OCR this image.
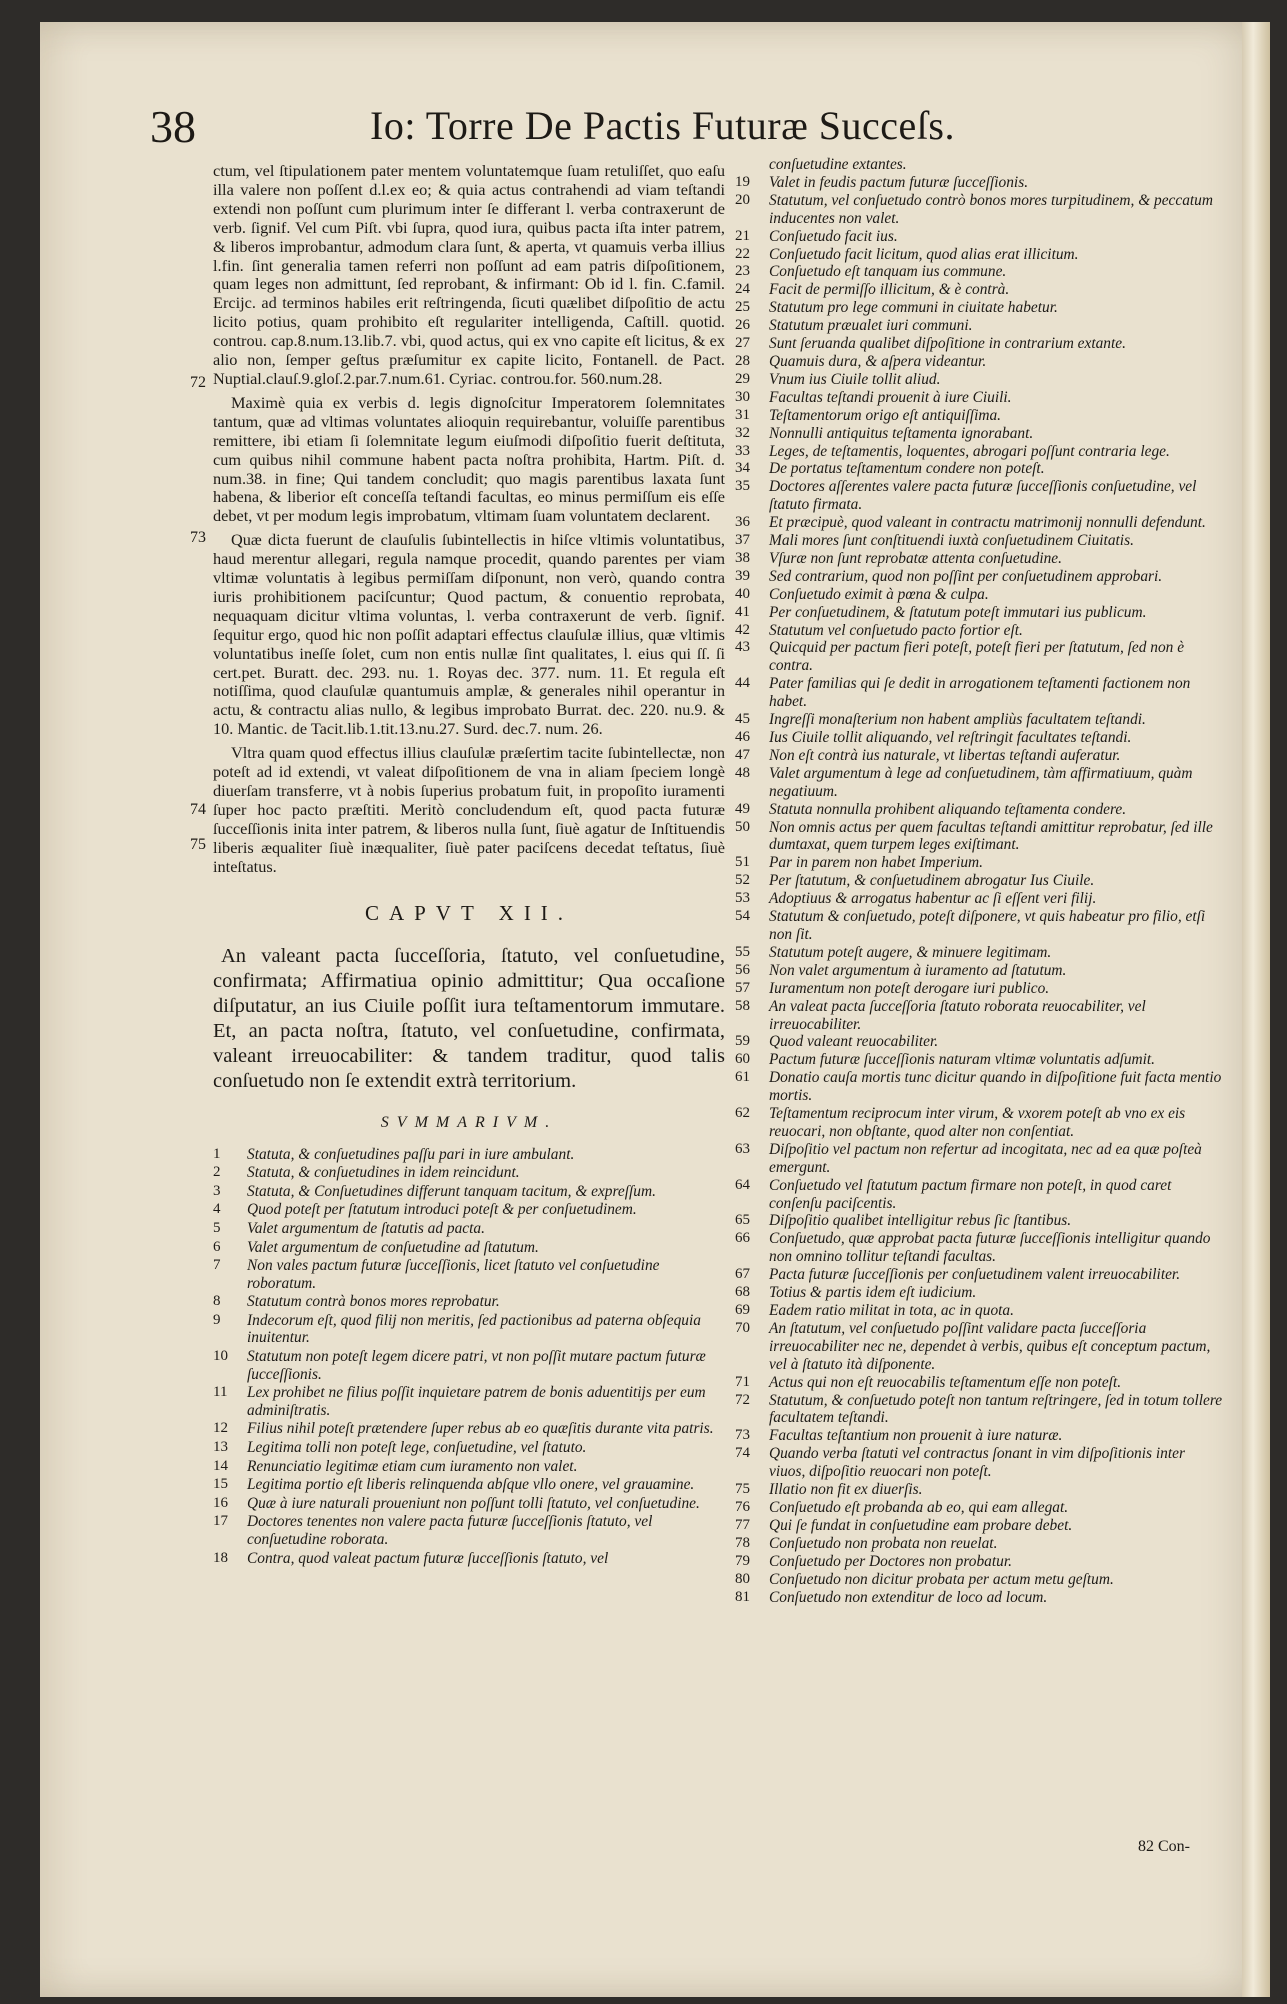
38	Io: Torre De Pactis Futuræ Succeſs.
72
73
74
75

ctum, vel ſtipulationem pater mentem voluntatemque ſuam retuliſſet, quo eaſu illa valere non poſſent d.l.ex eo; & quia actus contrahendi ad viam teſtandi extendi non poſſunt cum plurimum inter ſe differant l. verba contraxerunt de verb. ſignif. Vel cum Piſt. vbi ſupra, quod iura, quibus pacta iſta inter patrem, & liberos improbantur, admodum clara ſunt, & aperta, vt quamuis verba illius l.fin. ſint generalia tamen referri non poſſunt ad eam patris diſpoſitionem, quam leges non admittunt, ſed reprobant, & infirmant: Ob id l. fin. C.famil. Ercijc. ad terminos habiles erit reſtringenda, ſicuti quælibet diſpoſitio de actu licito potius, quam prohibito eſt regulariter intelligenda, Caſtill. quotid. controu. cap.8.num.13.lib.7. vbi, quod actus, qui ex vno capite eſt licitus, & ex alio non, ſemper geſtus præſumitur ex capite licito, Fontanell. de Pact. Nuptial.clauſ.9.gloſ.2.par.7.num.61. Cyriac. controu.for. 560.num.28.

Maximè quia ex verbis d. legis dignoſcitur Imperatorem ſolemnitates tantum, quæ ad vltimas voluntates alioquin requirebantur, voluiſſe parentibus remittere, ibi etiam ſi ſolemnitate legum eiuſmodi diſpoſitio fuerit deſtituta, cum quibus nihil commune habent pacta noſtra prohibita, Hartm. Piſt. d. num.38. in fine; Qui tandem concludit; quo magis parentibus laxata ſunt habena, & liberior eſt conceſſa teſtandi facultas, eo minus permiſſum eis eſſe debet, vt per modum legis improbatum, vltimam ſuam voluntatem declarent.

Quæ dicta fuerunt de clauſulis ſubintellectis in hiſce vltimis voluntatibus, haud merentur allegari, regula namque procedit, quando parentes per viam vltimæ voluntatis à legibus permiſſam diſponunt, non verò, quando contra iuris prohibitionem paciſcuntur; Quod pactum, & conuentio reprobata, nequaquam dicitur vltima voluntas, l. verba contraxerunt de verb. ſignif. ſequitur ergo, quod hic non poſſit adaptari effectus clauſulæ illius, quæ vltimis voluntatibus ineſſe ſolet, cum non entis nullæ ſint qualitates, l. eius qui ſſ. ſi cert.pet. Buratt. dec. 293. nu. 1. Royas dec. 377. num. 11. Et regula eſt notiſſima, quod clauſulæ quantumuis amplæ, & generales nihil operantur in actu, & contractu alias nullo, & legibus improbato Burrat. dec. 220. nu.9. & 10. Mantic. de Tacit.lib.1.tit.13.nu.27. Surd. dec.7. num. 26.

Vltra quam quod effectus illius clauſulæ præſertim tacite ſubintellectæ, non poteſt ad id extendi, vt valeat diſpoſitionem de vna in aliam ſpeciem longè diuerſam transferre, vt à nobis ſuperius probatum fuit, in propoſito iuramenti ſuper hoc pacto præſtiti. Meritò concludendum eſt, quod pacta futuræ ſucceſſionis inita inter patrem, & liberos nulla ſunt, ſiuè agatur de Inſtituendis liberis æqualiter ſiuè inæqualiter, ſiuè pater paciſcens decedat teſtatus, ſiuè inteſtatus.

CAPVT XII.

An valeant pacta ſucceſſoria, ſtatuto, vel conſuetudine, confirmata; Affirmatiua opinio admittitur; Qua occaſione diſputatur, an ius Ciuile poſſit iura teſtamentorum immutare. Et, an pacta noſtra, ſtatuto, vel conſuetudine, confirmata, valeant irreuocabiliter: & tandem traditur, quod talis conſuetudo non ſe extendit extrà territorium.

SVMMARIVM.
1	Statuta, & conſuetudines paſſu pari in iure ambulant.
2	Statuta, & conſuetudines in idem reincidunt.
3	Statuta, & Conſuetudines differunt tanquam tacitum, & expreſſum.
4	Quod poteſt per ſtatutum introduci poteſt & per conſuetudinem.
5	Valet argumentum de ſtatutis ad pacta.
6	Valet argumentum de conſuetudine ad ſtatutum.
7	Non vales pactum futuræ ſucceſſionis, licet ſtatuto vel conſuetudine roboratum.
8	Statutum contrà bonos mores reprobatur.
9	Indecorum eſt, quod filij non meritis, ſed pactionibus ad paterna obſequia inuitentur.
10	Statutum non poteſt legem dicere patri, vt non poſſit mutare pactum futuræ ſucceſſionis.
11	Lex prohibet ne filius poſſit inquietare patrem de bonis aduentitijs per eum adminiſtratis.
12	Filius nihil poteſt prætendere ſuper rebus ab eo quæſitis durante vita patris.
13	Legitima tolli non poteſt lege, conſuetudine, vel ſtatuto.
14	Renunciatio legitimæ etiam cum iuramento non valet.
15	Legitima portio eſt liberis relinquenda abſque vllo onere, vel grauamine.
16	Quæ à iure naturali proueniunt non poſſunt tolli ſtatuto, vel conſuetudine.
17	Doctores tenentes non valere pacta futuræ ſucceſſionis ſtatuto, vel conſuetudine roborata.
18	Contra, quod valeat pactum futuræ ſucceſſionis ſtatuto, vel
conſuetudine extantes.
19	Valet in feudis pactum futuræ ſucceſſionis.
20	Statutum, vel conſuetudo contrò bonos mores turpitudinem, & peccatum inducentes non valet.
21	Conſuetudo facit ius.
22	Conſuetudo facit licitum, quod alias erat illicitum.
23	Conſuetudo eſt tanquam ius commune.
24	Facit de permiſſo illicitum, & è contrà.
25	Statutum pro lege communi in ciuitate habetur.
26	Statutum præualet iuri communi.
27	Sunt ſeruanda qualibet diſpoſitione in contrarium extante.
28	Quamuis dura, & aſpera videantur.
29	Vnum ius Ciuile tollit aliud.
30	Facultas teſtandi prouenit à iure Ciuili.
31	Teſtamentorum origo eſt antiquiſſima.
32	Nonnulli antiquitus teſtamenta ignorabant.
33	Leges, de teſtamentis, loquentes, abrogari poſſunt contraria lege.
34	De portatus teſtamentum condere non poteſt.
35	Doctores aſſerentes valere pacta futuræ ſucceſſionis conſuetudine, vel ſtatuto firmata.
36	Et præcipuè, quod valeant in contractu matrimonij nonnulli defendunt.
37	Mali mores ſunt conſtituendi iuxtà conſuetudinem Ciuitatis.
38	Vſuræ non ſunt reprobatæ attenta conſuetudine.
39	Sed contrarium, quod non poſſint per conſuetudinem approbari.
40	Conſuetudo eximit à pœna & culpa.
41	Per conſuetudinem, & ſtatutum poteſt immutari ius publicum.
42	Statutum vel conſuetudo pacto fortior eſt.
43	Quicquid per pactum fieri poteſt, poteſt fieri per ſtatutum, ſed non è contra.
44	Pater familias qui ſe dedit in arrogationem teſtamenti factionem non habet.
45	Ingreſſi monaſterium non habent ampliùs facultatem teſtandi.
46	Ius Ciuile tollit aliquando, vel reſtringit facultates teſtandi.
47	Non eſt contrà ius naturale, vt libertas teſtandi auferatur.
48	Valet argumentum à lege ad conſuetudinem, tàm affirmatiuum, quàm negatiuum.
49	Statuta nonnulla prohibent aliquando teſtamenta condere.
50	Non omnis actus per quem facultas teſtandi amittitur reprobatur, ſed ille dumtaxat, quem turpem leges exiſtimant.
51	Par in parem non habet Imperium.
52	Per ſtatutum, & conſuetudinem abrogatur Ius Ciuile.
53	Adoptiuus & arrogatus habentur ac ſi eſſent veri filij.
54	Statutum & conſuetudo, poteſt diſponere, vt quis habeatur pro filio, etſi non ſit.
55	Statutum poteſt augere, & minuere legitimam.
56	Non valet argumentum à iuramento ad ſtatutum.
57	Iuramentum non poteſt derogare iuri publico.
58	An valeat pacta ſucceſſoria ſtatuto roborata reuocabiliter, vel irreuocabiliter.
59	Quod valeant reuocabiliter.
60	Pactum futuræ ſucceſſionis naturam vltimæ voluntatis adſumit.
61	Donatio cauſa mortis tunc dicitur quando in diſpoſitione fuit facta mentio mortis.
62	Teſtamentum reciprocum inter virum, & vxorem poteſt ab vno ex eis reuocari, non obſtante, quod alter non conſentiat.
63	Diſpoſitio vel pactum non refertur ad incogitata, nec ad ea quæ poſteà emergunt.
64	Conſuetudo vel ſtatutum pactum firmare non poteſt, in quod caret conſenſu paciſcentis.
65	Diſpoſitio qualibet intelligitur rebus ſic ſtantibus.
66	Conſuetudo, quæ approbat pacta futuræ ſucceſſionis intelligitur quando non omnino tollitur teſtandi facultas.
67	Pacta futuræ ſucceſſionis per conſuetudinem valent irreuocabiliter.
68	Totius & partis idem eſt iudicium.
69	Eadem ratio militat in tota, ac in quota.
70	An ſtatutum, vel conſuetudo poſſint validare pacta ſucceſſoria irreuocabiliter nec ne, dependet à verbis, quibus eſt conceptum pactum, vel à ſtatuto ità diſponente.
71	Actus qui non eſt reuocabilis teſtamentum eſſe non poteſt.
72	Statutum, & conſuetudo poteſt non tantum reſtringere, ſed in totum tollere facultatem teſtandi.
73	Facultas teſtantium non prouenit à iure naturæ.
74	Quando verba ſtatuti vel contractus ſonant in vim diſpoſitionis inter viuos, diſpoſitio reuocari non poteſt.
75	Illatio non fit ex diuerſis.
76	Conſuetudo eſt probanda ab eo, qui eam allegat.
77	Qui ſe fundat in conſuetudine eam probare debet.
78	Conſuetudo non probata non reuelat.
79	Conſuetudo per Doctores non probatur.
80	Conſuetudo non dicitur probata per actum metu geſtum.
81	Conſuetudo non extenditur de loco ad locum.
82 Con-
